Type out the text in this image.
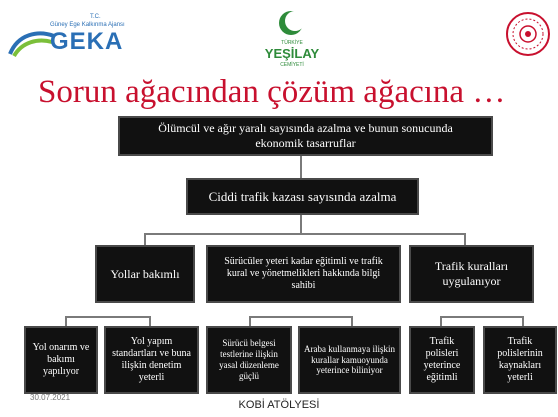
T.C.
Güney Ege Kalkınma Ajansı
GEKA	TÜRKİYE
YEŞİLAY
CEMİYETİ
Sorun ağacından çözüm ağacına …
Ölümcül ve ağır yaralı sayısında azalma ve bunun sonucunda ekonomik tasarruflar
Ciddi trafik kazası sayısında azalma
Yollar bakımlı
Sürücüler yeteri kadar eğitimli ve trafik kural ve yönetmelikleri hakkında bilgi sahibi
Trafik kuralları uygulanıyor
Yol onarım ve bakımı yapılıyor
Yol yapım standartları ve buna ilişkin denetim yeterli
Sürücü belgesi testlerine ilişkin yasal düzenleme güçlü
Araba kullanmaya ilişkin kurallar kamuoyunda yeterince biliniyor
Trafik polisleri yeterince eğitimli
Trafik polislerinin kaynakları yeterli
30.07.2021
KOBİ ATÖLYESİ
